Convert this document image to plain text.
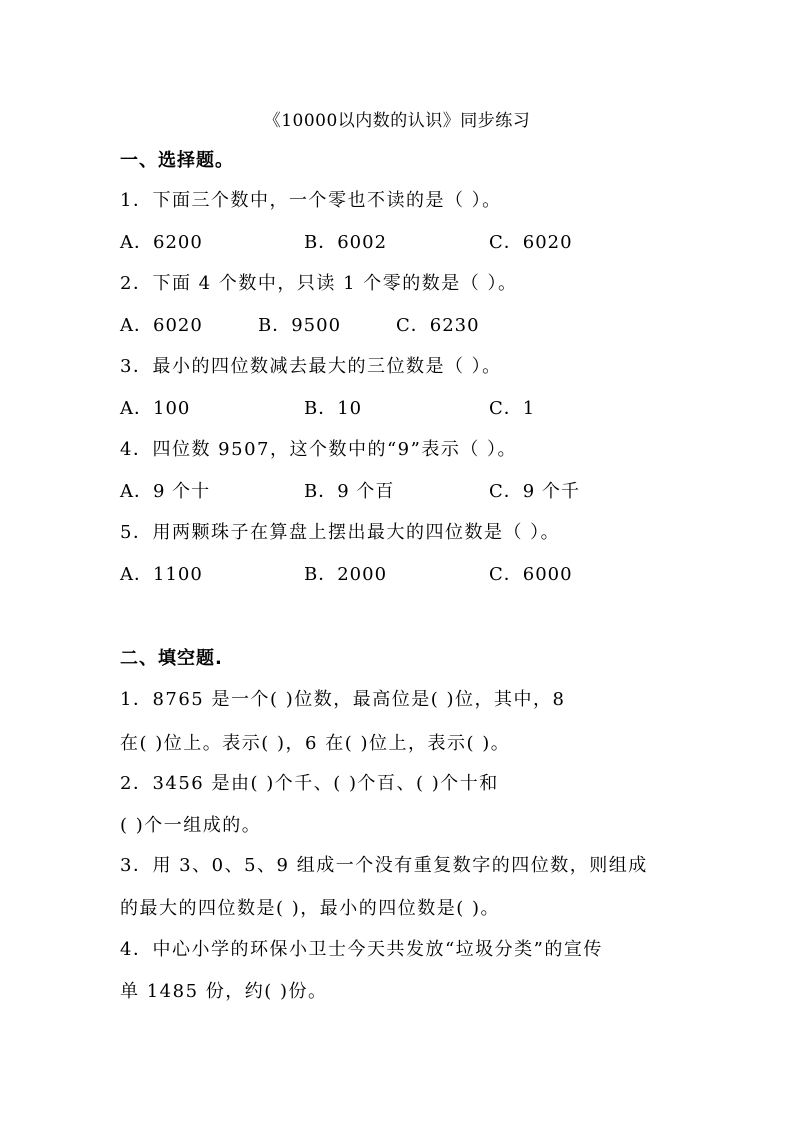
《10000以内数的认识》同步练习
一、选择题。
1．下面三个数中，一个零也不读的是（ ）。
A．6200	B．6002	C．6020
2．下面 4 个数中，只读 1 个零的数是（ ）。
A．6020	B．9500	C．6230
3．最小的四位数减去最大的三位数是（ ）。
A．100	B．10	C．1
4．四位数 9507，这个数中的“9”表示（ ）。
A．9 个十	B．9 个百	C．9 个千
5．用两颗珠子在算盘上摆出最大的四位数是（ ）。
A．1100	B．2000	C．6000
二、填空题.
1．8765 是一个( )位数，最高位是( )位，其中，8
在( )位上。表示( )，6 在( )位上，表示( )。
2．3456 是由( )个千、( )个百、( )个十和
( )个一组成的。
3．用 3、0、5、9 组成一个没有重复数字的四位数，则组成
的最大的四位数是( )，最小的四位数是( )。
4．中心小学的环保小卫士今天共发放“垃圾分类”的宣传
单 1485 份，约( )份。
